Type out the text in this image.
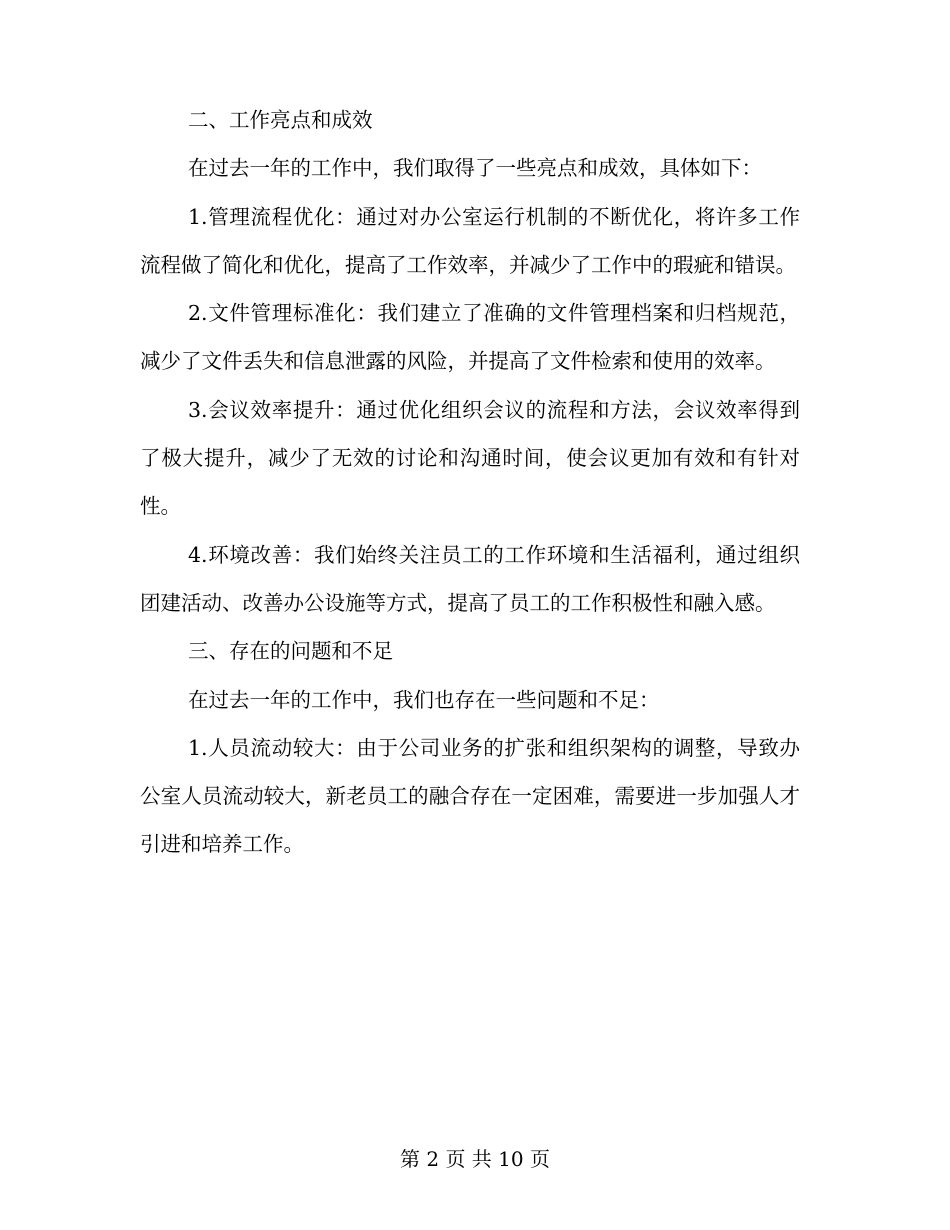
二、工作亮点和成效

在过去一年的工作中，我们取得了一些亮点和成效，具体如下：

1.管理流程优化：通过对办公室运行机制的不断优化，将许多工作流程做了简化和优化，提高了工作效率，并减少了工作中的瑕疵和错误。

2.文件管理标准化：我们建立了准确的文件管理档案和归档规范，减少了文件丢失和信息泄露的风险，并提高了文件检索和使用的效率。

3.会议效率提升：通过优化组织会议的流程和方法，会议效率得到了极大提升，减少了无效的讨论和沟通时间，使会议更加有效和有针对性。

4.环境改善：我们始终关注员工的工作环境和生活福利，通过组织团建活动、改善办公设施等方式，提高了员工的工作积极性和融入感。

三、存在的问题和不足

在过去一年的工作中，我们也存在一些问题和不足：

1.人员流动较大：由于公司业务的扩张和组织架构的调整，导致办公室人员流动较大，新老员工的融合存在一定困难，需要进一步加强人才引进和培养工作。

第 2 页 共 10 页
